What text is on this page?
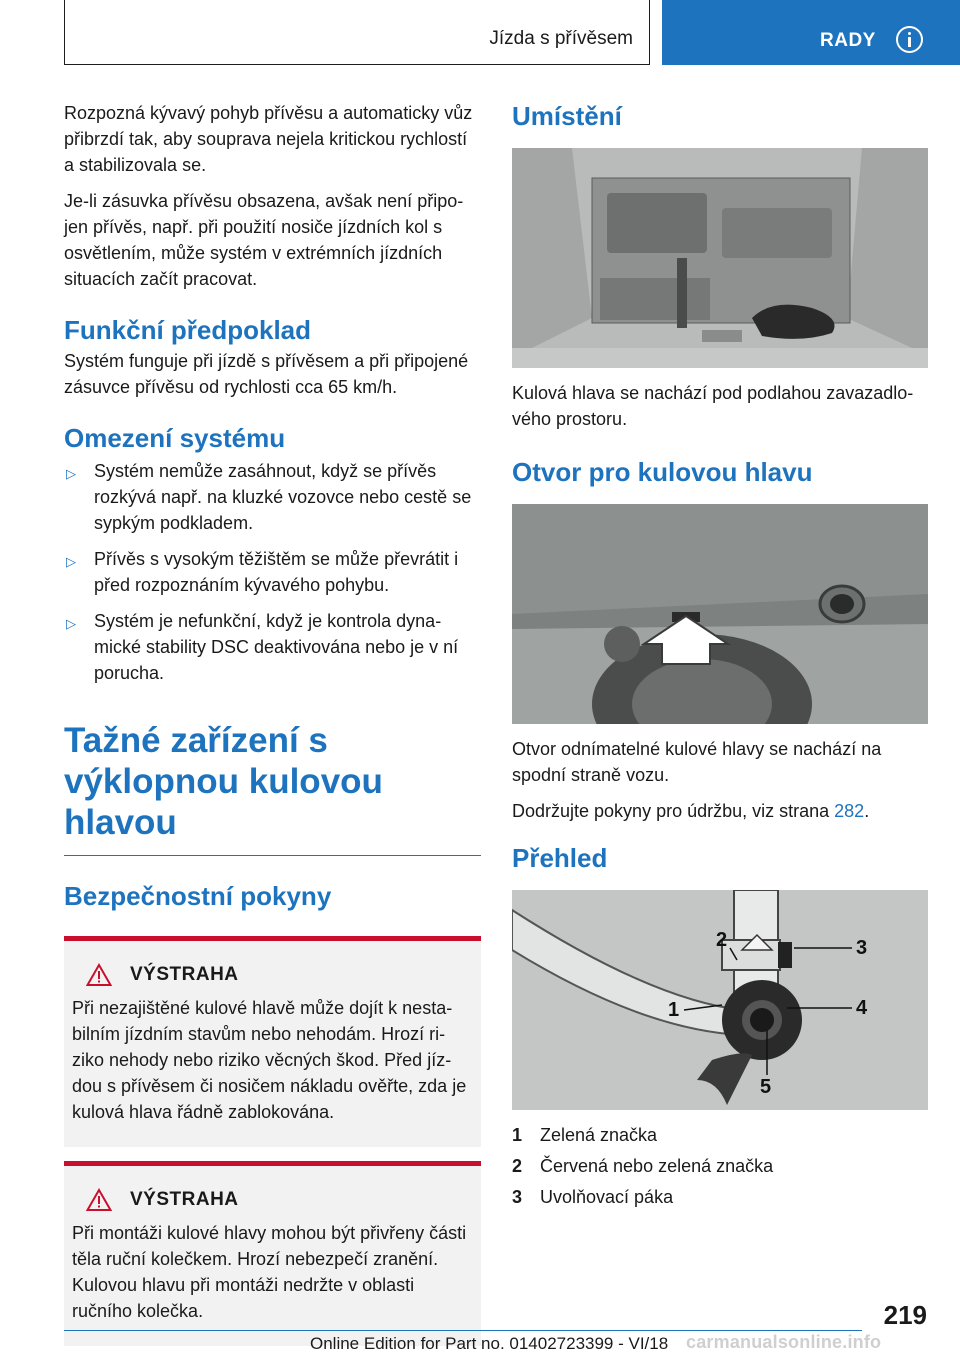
Jízda s přívěsem	RADY

Rozpozná kývavý pohyb přívěsu a automaticky vůz přibrzdí tak, aby souprava nejela kritickou rychlostí a stabilizovala se.

Je-li zásuvka přívěsu obsazena, avšak není připojen přívěs, např. při použití nosiče jízdních kol s osvětlením, může systém v extrémních jízdních situacích začít pracovat.

Funkční předpoklad

Systém funguje při jízdě s přívěsem a při připojené zásuvce přívěsu od rychlosti cca 65 km/h.

Omezení systému
▷ Systém nemůže zasáhnout, když se přívěs rozkývá např. na kluzké vozovce nebo cestě se sypkým podkladem.
▷ Přívěs s vysokým těžištěm se může převrátit i před rozpoznáním kývavého pohybu.
▷ Systém je nefunkční, když je kontrola dynamické stability DSC deaktivována nebo je v ní porucha.
Tažné zařízení s výklopnou kulovou hlavou
Bezpečnostní pokyny
VÝSTRAHA

Při nezajištěné kulové hlavě může dojít k nestabilním jízdním stavům nebo nehodám. Hrozí riziko nehody nebo riziko věcných škod. Před jízdou s přívěsem či nosičem nákladu ověřte, zda je kulová hlava řádně zablokována.

VÝSTRAHA

Při montáži kulové hlavy mohou být přivřeny části těla ruční kolečkem. Hrozí nebezpečí zranění. Kulovou hlavu při montáži nedržte v oblasti ručního kolečka.

Umístění

Kulová hlava se nachází pod podlahou zavazadlového prostoru.

Otvor pro kulovou hlavu

Otvor odnímatelné kulové hlavy se nachází na spodní straně vozu.

Dodržujte pokyny pro údržbu, viz strana 282.

Přehled
2	3
1	4
5
1 Zelená značka
2 Červená nebo zelená značka
3 Uvolňovací páka
219
Online Edition for Part no. 01402723399 - VI/18 carmanualsonline.info
